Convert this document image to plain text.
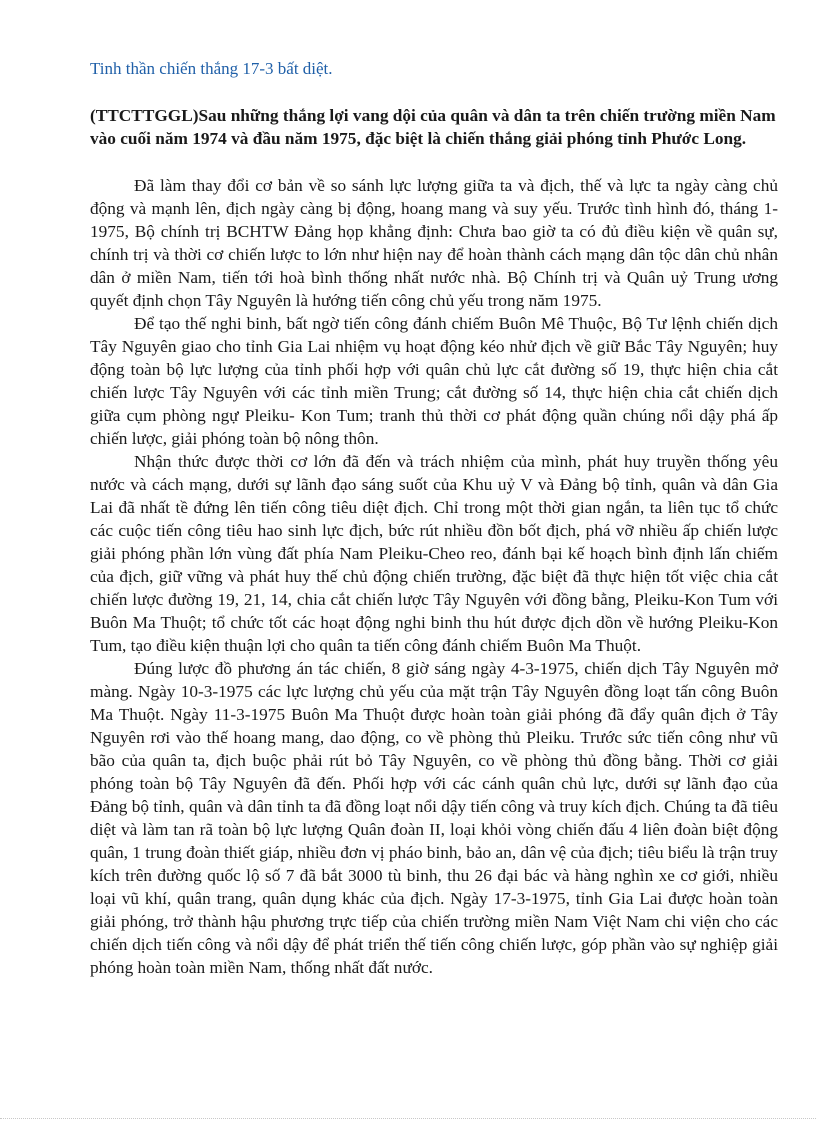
Tinh thần chiến thắng 17-3 bất diệt.

(TTCTTGGL)Sau những thắng lợi vang dội của quân và dân ta trên chiến trường miền Nam vào cuối năm 1974 và đầu năm 1975, đặc biệt là chiến thắng giải phóng tỉnh Phước Long.

Đã làm thay đổi cơ bản về so sánh lực lượng giữa ta và địch, thế và lực ta ngày càng chủ động và mạnh lên, địch ngày càng bị động, hoang mang và suy yếu. Trước tình hình đó, tháng 1-1975, Bộ chính trị BCHTW Đảng họp khẳng định: Chưa bao giờ ta có đủ điều kiện về quân sự, chính trị và thời cơ chiến lược to lớn như hiện nay để hoàn thành cách mạng dân tộc dân chủ nhân dân ở miền Nam, tiến tới hoà bình thống nhất nước nhà. Bộ Chính trị và Quân uỷ Trung ương quyết định chọn Tây Nguyên là hướng tiến công chủ yếu trong năm 1975.

Để tạo thế nghi binh, bất ngờ tiến công đánh chiếm Buôn Mê Thuộc, Bộ Tư lệnh chiến dịch Tây Nguyên giao cho tỉnh Gia Lai nhiệm vụ hoạt động kéo nhử địch về giữ Bắc Tây Nguyên; huy động toàn bộ lực lượng của tỉnh phối hợp với quân chủ lực cắt đường số 19, thực hiện chia cắt chiến lược Tây Nguyên với các tỉnh miền Trung; cắt đường số 14, thực hiện chia cắt chiến dịch giữa cụm phòng ngự Pleiku- Kon Tum; tranh thủ thời cơ phát động quần chúng nổi dậy phá ấp chiến lược, giải phóng toàn bộ nông thôn.

Nhận thức được thời cơ lớn đã đến và trách nhiệm của mình, phát huy truyền thống yêu nước và cách mạng, dưới sự lãnh đạo sáng suốt của Khu uỷ V và Đảng bộ tỉnh, quân và dân Gia Lai đã nhất tề đứng lên tiến công tiêu diệt địch. Chỉ trong một thời gian ngắn, ta liên tục tổ chức các cuộc tiến công tiêu hao sinh lực địch, bức rút nhiều đồn bốt địch, phá vỡ nhiều ấp chiến lược giải phóng phần lớn vùng đất phía Nam Pleiku-Cheo reo, đánh bại kế hoạch bình định lấn chiếm của địch, giữ vững và phát huy thế chủ động chiến trường, đặc biệt đã thực hiện tốt việc chia cắt chiến lược đường 19, 21, 14, chia cắt chiến lược Tây Nguyên với đồng bằng, Pleiku-Kon Tum với Buôn Ma Thuột; tổ chức tốt các hoạt động nghi binh thu hút được địch dồn về hướng Pleiku-Kon Tum, tạo điều kiện thuận lợi cho quân ta tiến công đánh chiếm Buôn Ma Thuột.

Đúng lược đồ phương án tác chiến, 8 giờ sáng ngày 4-3-1975, chiến dịch Tây Nguyên mở màng. Ngày 10-3-1975 các lực lượng chủ yếu của mặt trận Tây Nguyên đồng loạt tấn công Buôn Ma Thuột. Ngày 11-3-1975 Buôn Ma Thuột được hoàn toàn giải phóng đã đẩy quân địch ở Tây Nguyên rơi vào thế hoang mang, dao động, co về phòng thủ Pleiku. Trước sức tiến công như vũ bão của quân ta, địch buộc phải rút bỏ Tây Nguyên, co về phòng thủ đồng bằng. Thời cơ giải phóng toàn bộ Tây Nguyên đã đến. Phối hợp với các cánh quân chủ lực, dưới sự lãnh đạo của Đảng bộ tỉnh, quân và dân tỉnh ta đã đồng loạt nổi dậy tiến công và truy kích địch. Chúng ta đã tiêu diệt và làm tan rã toàn bộ lực lượng Quân đoàn II, loại khỏi vòng chiến đấu 4 liên đoàn biệt động quân, 1 trung đoàn thiết giáp, nhiều đơn vị pháo binh, bảo an, dân vệ của địch; tiêu biểu là trận truy kích trên đường quốc lộ số 7 đã bắt 3000 tù binh, thu 26 đại bác và hàng nghìn xe cơ giới, nhiều loại vũ khí, quân trang, quân dụng khác của địch. Ngày 17-3-1975, tỉnh Gia Lai được hoàn toàn giải phóng, trở thành hậu phương trực tiếp của chiến trường miền Nam Việt Nam chi viện cho các chiến dịch tiến công và nổi dậy để phát triển thế tiến công chiến lược, góp phần vào sự nghiệp giải phóng hoàn toàn miền Nam, thống nhất đất nước.
